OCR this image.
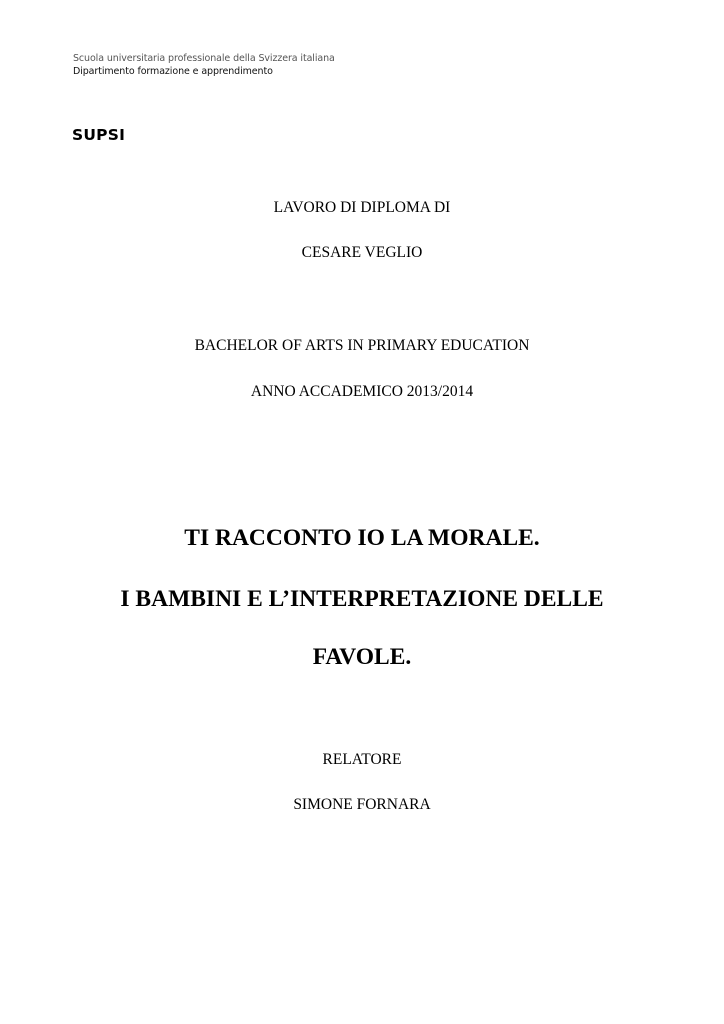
Scuola universitaria professionale della Svizzera italiana
Dipartimento formazione e apprendimento
SUPSI
LAVORO DI DIPLOMA DI
CESARE VEGLIO
BACHELOR OF ARTS IN PRIMARY EDUCATION
ANNO ACCADEMICO 2013/2014
TI RACCONTO IO LA MORALE.
I BAMBINI E L’INTERPRETAZIONE DELLE
FAVOLE.
RELATORE
SIMONE FORNARA
